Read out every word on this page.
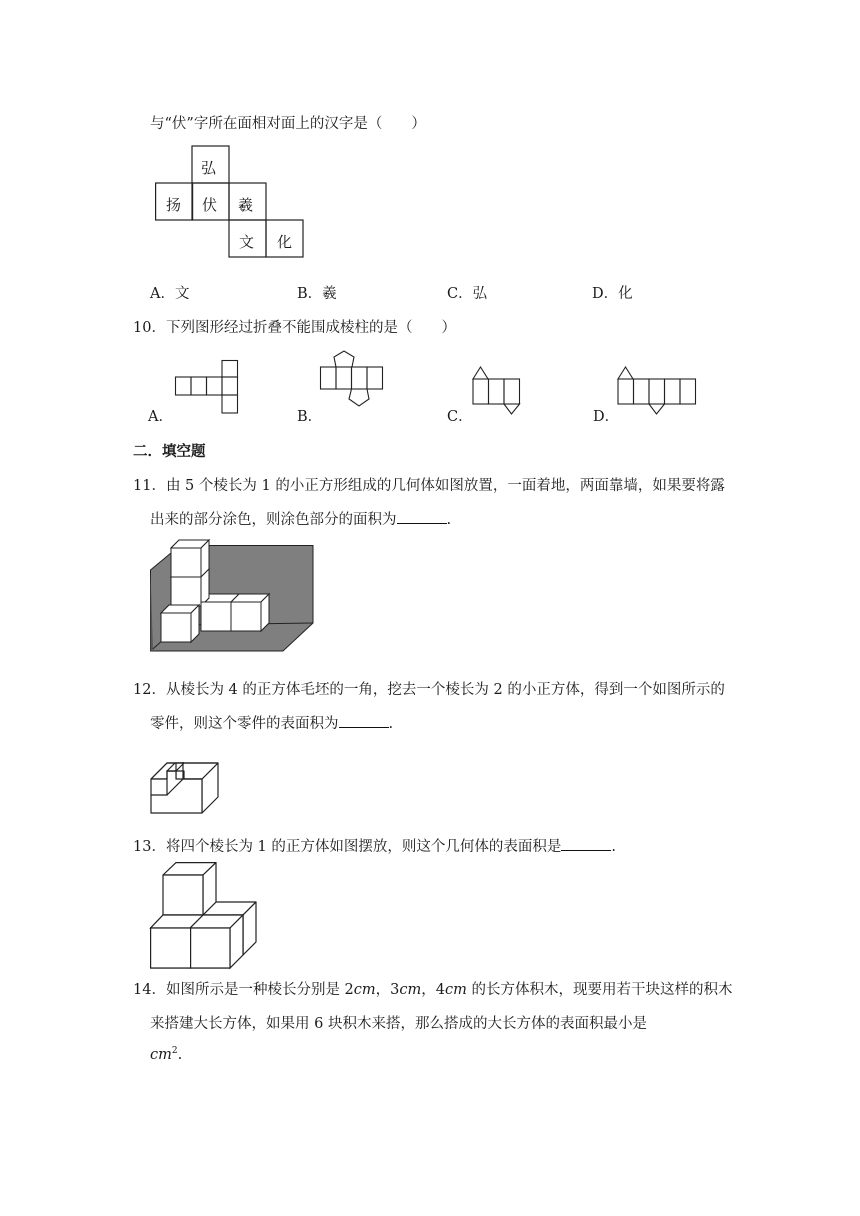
与“伏”字所在面相对面上的汉字是（　　）
弘
扬 伏 羲
文 化
A．文	B．羲	C．弘	D．化
10．下列图形经过折叠不能围成棱柱的是（　　）
A．	B．	C．	D．
二．填空题
11．由 5 个棱长为 1 的小正方形组成的几何体如图放置，一面着地，两面靠墙，如果要将露
出来的部分涂色，则涂色部分的面积为	.
12．从棱长为 4 的正方体毛坯的一角，挖去一个棱长为 2 的小正方体，得到一个如图所示的
零件，则这个零件的表面积为	.
13．将四个棱长为 1 的正方体如图摆放，则这个几何体的表面积是	.
14．如图所示是一种棱长分别是 2cm，3cm，4cm 的长方体积木，现要用若干块这样的积木
来搭建大长方体，如果用 6 块积木来搭，那么搭成的大长方体的表面积最小是
$cm^2$.
